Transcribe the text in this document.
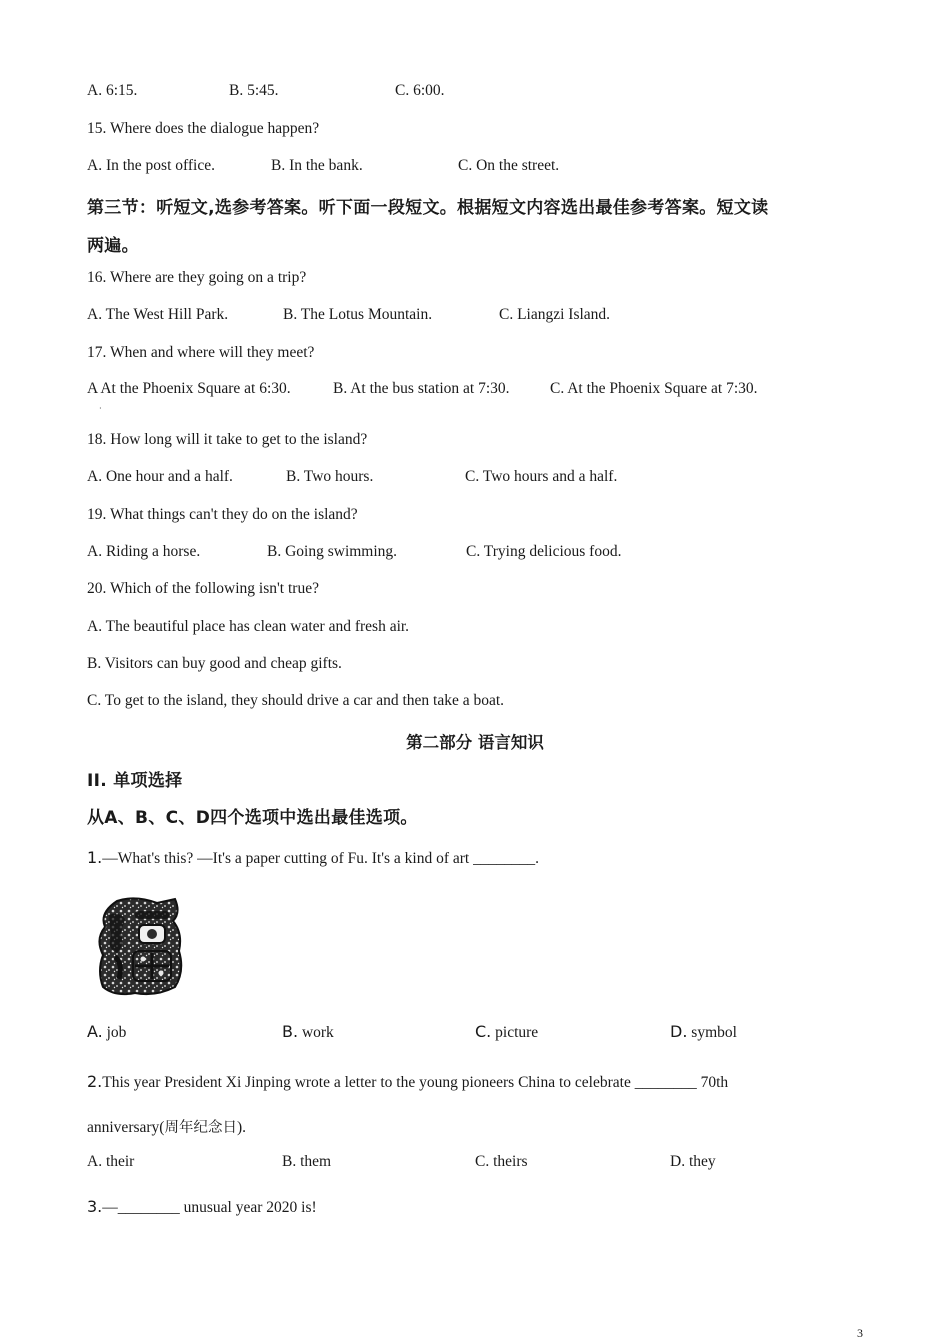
A. 6:15.	B. 5:45.	C. 6:00.
15. Where does the dialogue happen?
A. In the post office.	B. In the bank.	C. On the street.
第三节：听短文,选参考答案。听下面一段短文。根据短文内容选出最佳参考答案。短文读
两遍。
16. Where are they going on a trip?
A. The West Hill Park.	B. The Lotus Mountain.	C. Liangzi Island.
17. When and where will they meet?
A At the Phoenix Square at 6:30.	B. At the bus station at 7:30.	C. At the Phoenix Square at 7:30.
·
18. How long will it take to get to the island?
A. One hour and a half.	B. Two hours.	C. Two hours and a half.
19. What things can't they do on the island?
A. Riding a horse.	B. Going swimming.	C. Trying delicious food.
20. Which of the following isn't true?
A. The beautiful place has clean water and fresh air.
B. Visitors can buy good and cheap gifts.
C. To get to the island, they should drive a car and then take a boat.
第二部分 语言知识
II. 单项选择
从A、B、C、D四个选项中选出最佳选项。
1.—What's this? —It's a paper cutting of Fu. It's a kind of art ________.
A. job	B. work	C. picture	D. symbol
2.This year President Xi Jinping wrote a letter to the young pioneers China to celebrate ________ 70th
anniversary(周年纪念日).
A. their	B. them	C. theirs	D. they
3.—________ unusual year 2020 is!
3
